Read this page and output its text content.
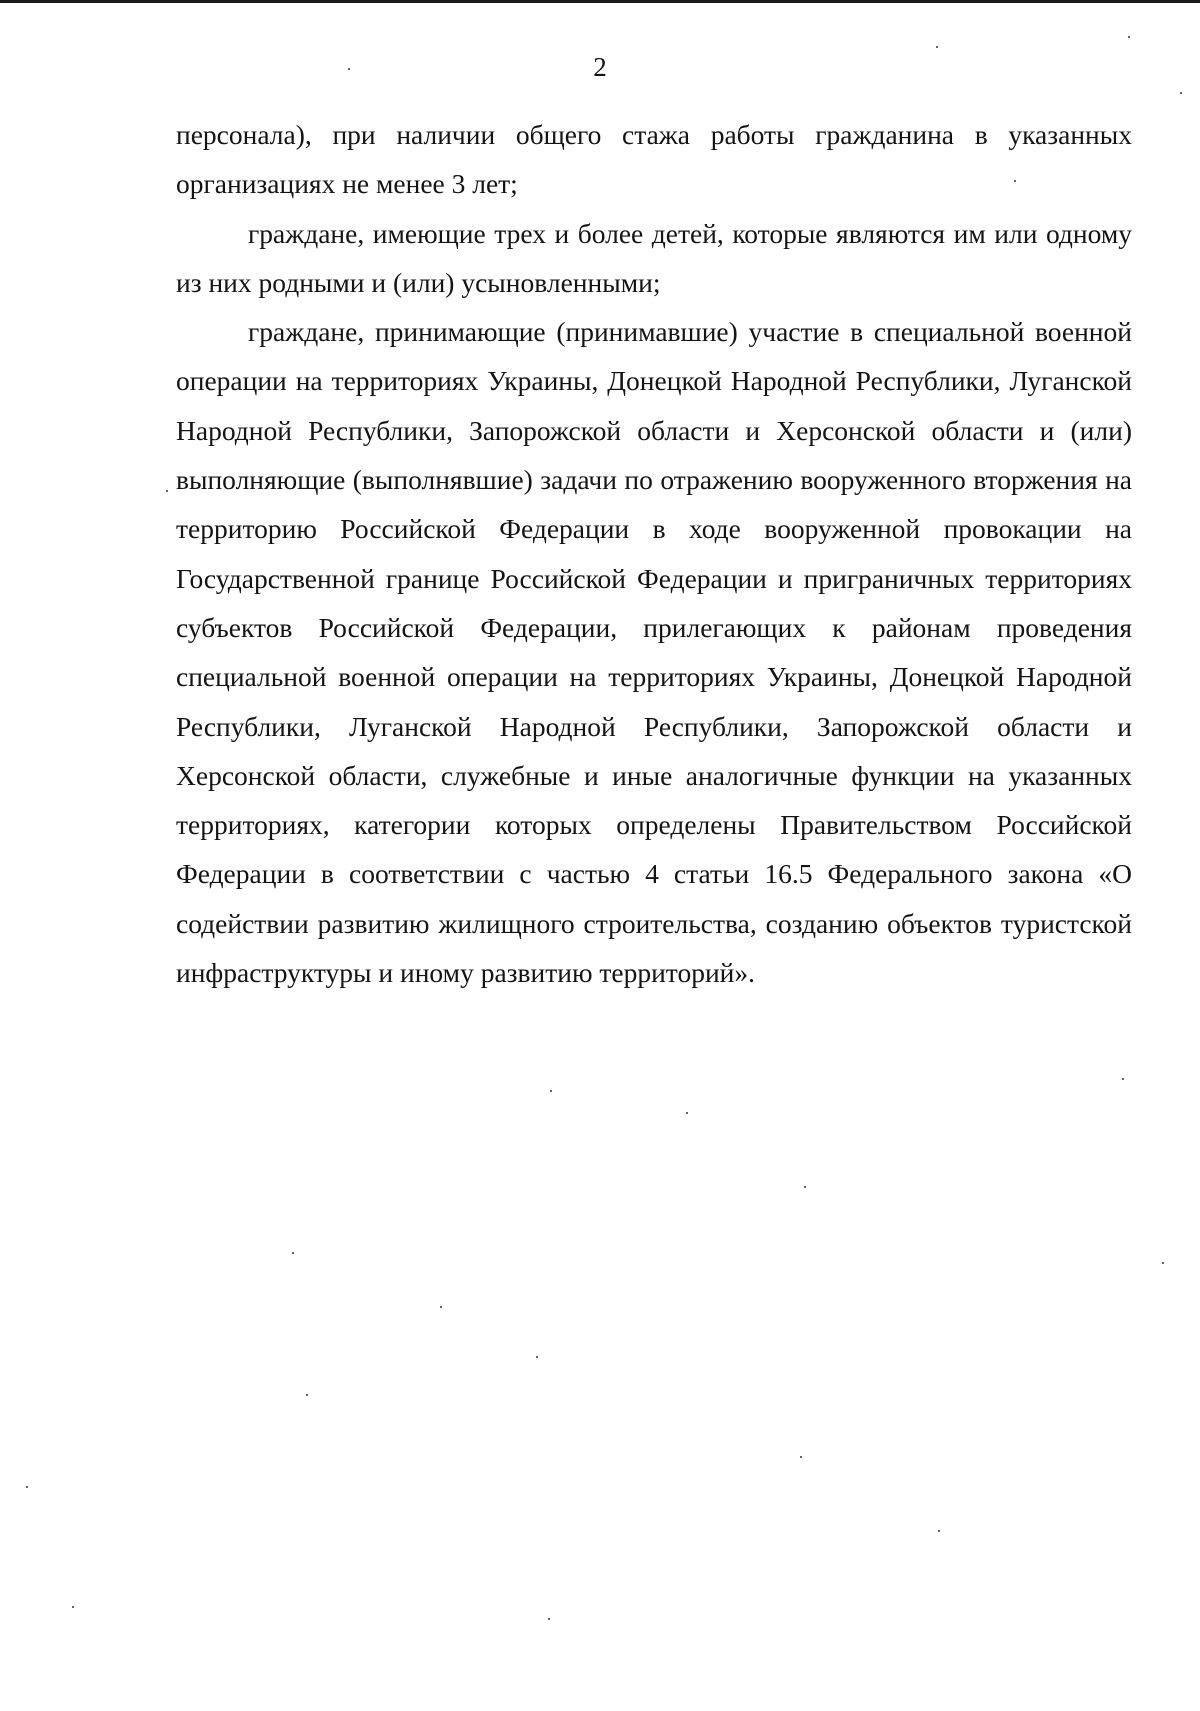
2

персонала), при наличии общего стажа работы гражданина в указанных организациях не менее 3 лет;

граждане, имеющие трех и более детей, которые являются им или одному из них родными и (или) усыновленными;

граждане, принимающие (принимавшие) участие в специальной военной операции на территориях Украины, Донецкой Народной Республики, Луганской Народной Республики, Запорожской области и Херсонской области и (или) выполняющие (выполнявшие) задачи по отражению вооруженного вторжения на территорию Российской Федерации в ходе вооруженной провокации на Государственной границе Российской Федерации и приграничных территориях субъектов Российской Федерации, прилегающих к районам проведения специальной военной операции на территориях Украины, Донецкой Народной Республики, Луганской Народной Республики, Запорожской области и Херсонской области, служебные и иные аналогичные функции на указанных территориях, категории которых определены Правительством Российской Федерации в соответствии с частью 4 статьи 16.5 Федерального закона «О содействии развитию жилищного строительства, созданию объектов туристской инфраструктуры и иному развитию территорий».
